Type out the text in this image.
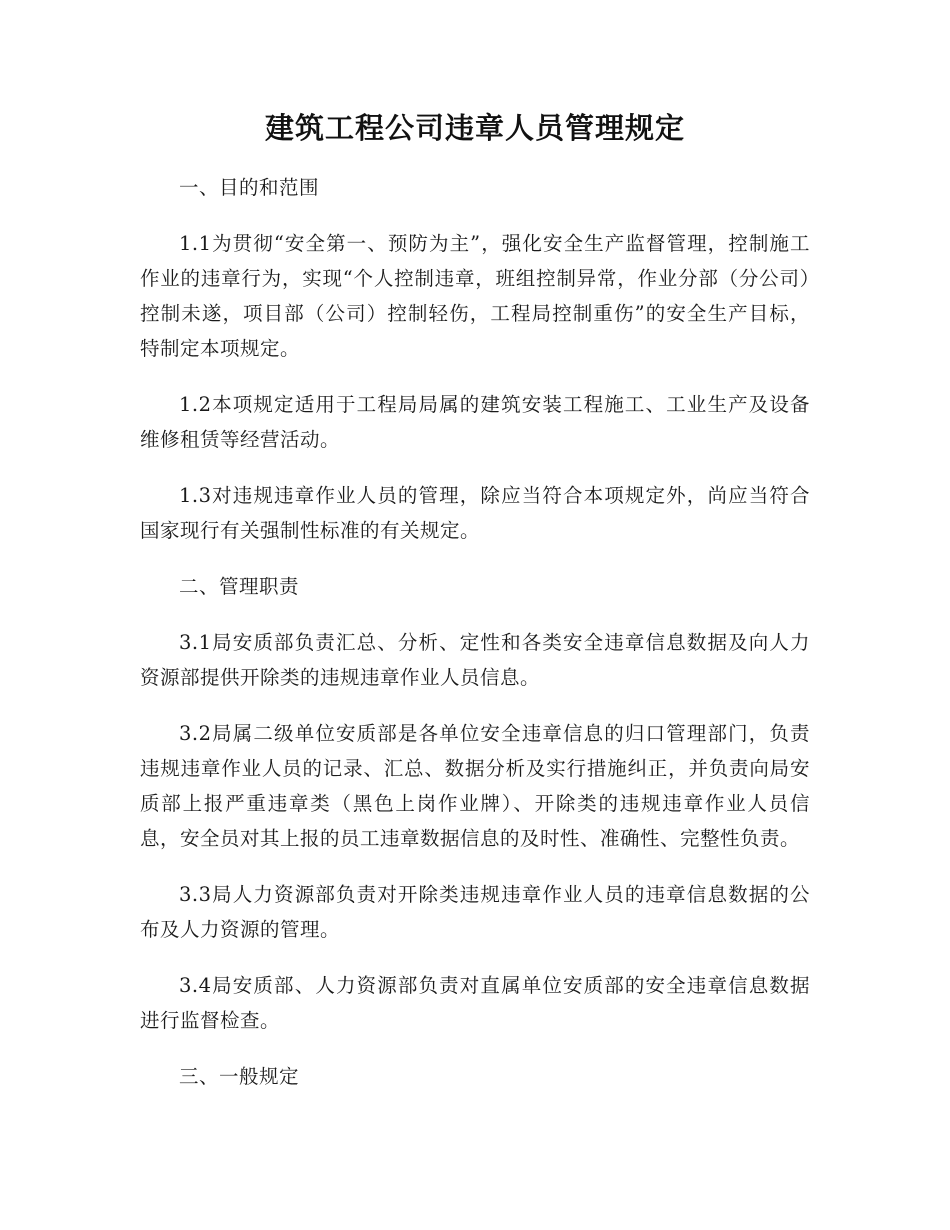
建筑工程公司违章人员管理规定

一、目的和范围

1.1为贯彻“安全第一、预防为主”，强化安全生产监督管理，控制施工作业的违章行为，实现“个人控制违章，班组控制异常，作业分部（分公司）控制未遂，项目部（公司）控制轻伤，工程局控制重伤”的安全生产目标，特制定本项规定。

1.2本项规定适用于工程局局属的建筑安装工程施工、工业生产及设备维修租赁等经营活动。

1.3对违规违章作业人员的管理，除应当符合本项规定外，尚应当符合国家现行有关强制性标准的有关规定。

二、管理职责

3.1局安质部负责汇总、分析、定性和各类安全违章信息数据及向人力资源部提供开除类的违规违章作业人员信息。

3.2局属二级单位安质部是各单位安全违章信息的归口管理部门，负责违规违章作业人员的记录、汇总、数据分析及实行措施纠正，并负责向局安质部上报严重违章类（黑色上岗作业牌）、开除类的违规违章作业人员信息，安全员对其上报的员工违章数据信息的及时性、准确性、完整性负责。

3.3局人力资源部负责对开除类违规违章作业人员的违章信息数据的公布及人力资源的管理。

3.4局安质部、人力资源部负责对直属单位安质部的安全违章信息数据进行监督检查。

三、一般规定
